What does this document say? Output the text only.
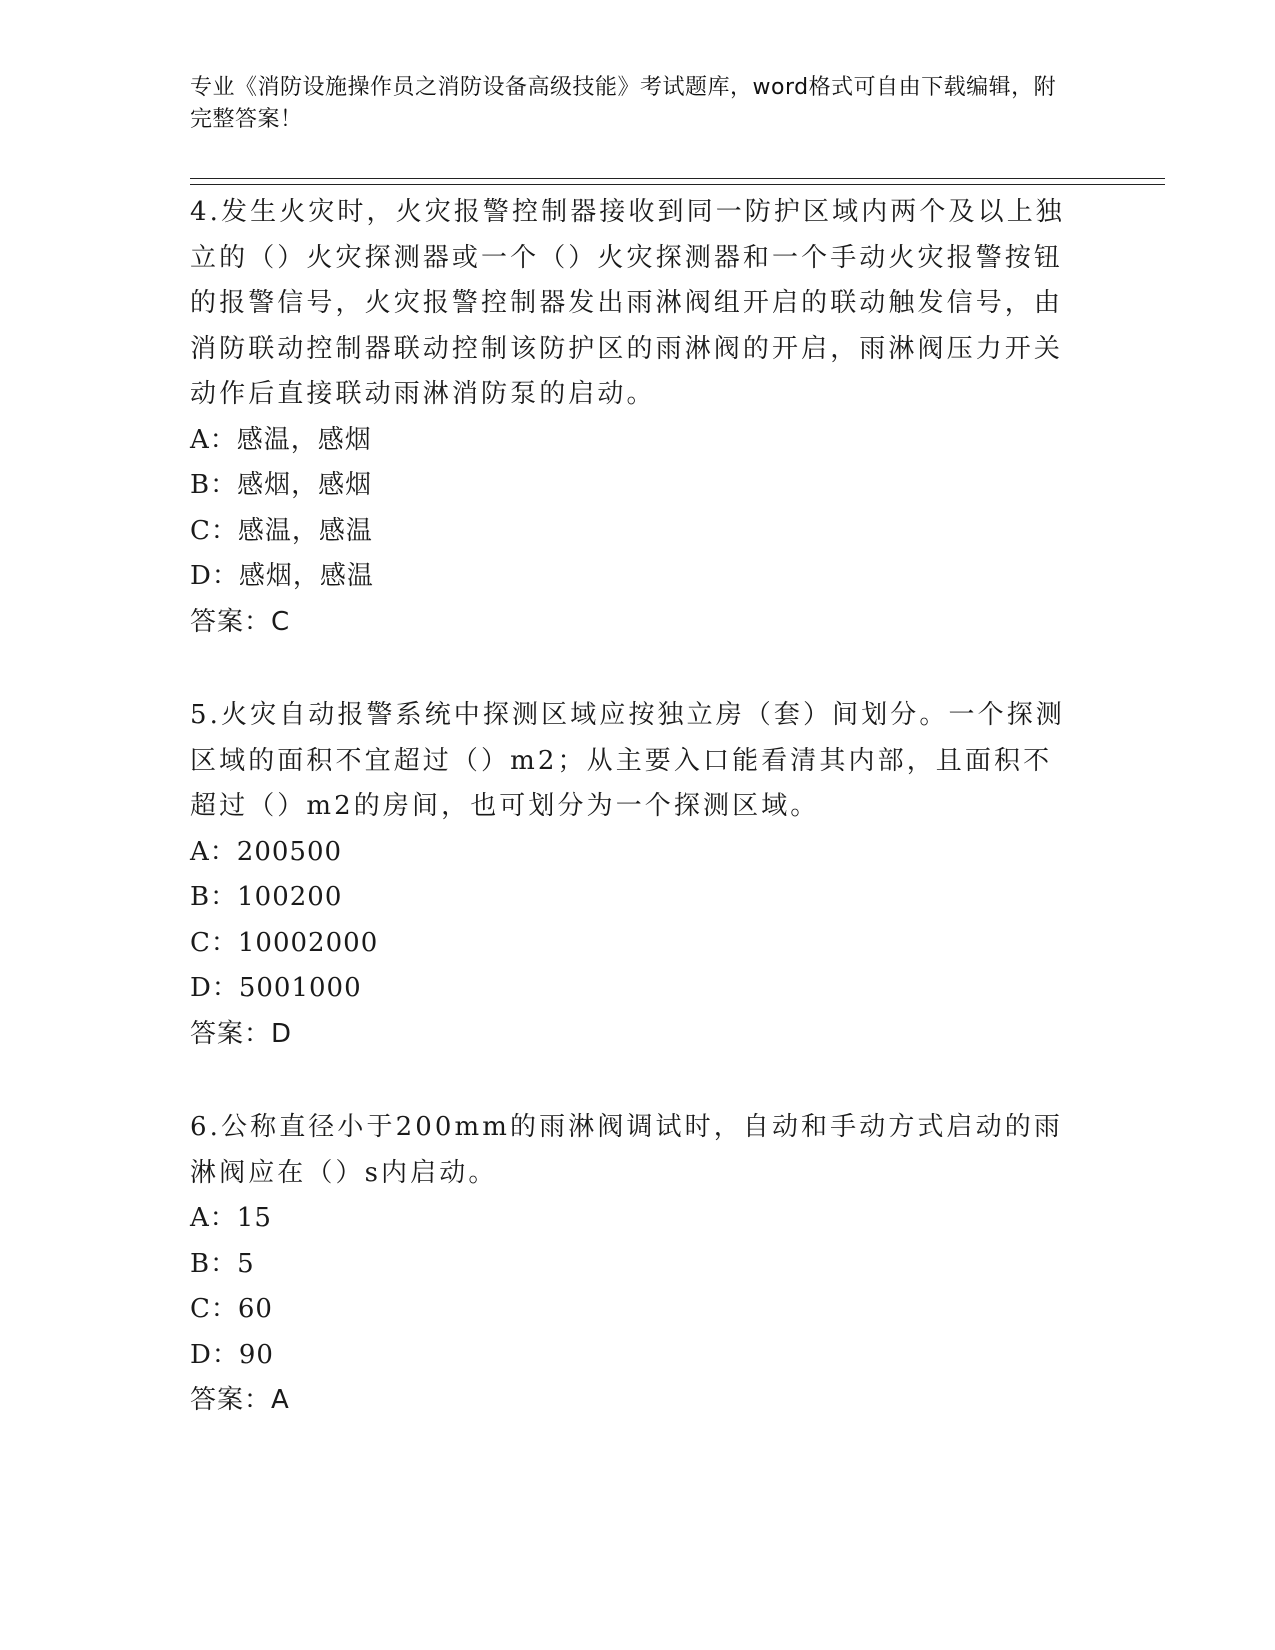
专业《消防设施操作员之消防设备高级技能》考试题库，word格式可自由下载编辑，附完整答案！

4.发生火灾时，火灾报警控制器接收到同一防护区域内两个及以上独立的（）火灾探测器或一个（）火灾探测器和一个手动火灾报警按钮的报警信号，火灾报警控制器发出雨淋阀组开启的联动触发信号，由消防联动控制器联动控制该防护区的雨淋阀的开启，雨淋阀压力开关动作后直接联动雨淋消防泵的启动。

A：感温，感烟

B：感烟，感烟

C：感温，感温

D：感烟，感温

答案：C

5.火灾自动报警系统中探测区域应按独立房（套）间划分。一个探测区域的面积不宜超过（）m2；从主要入口能看清其内部，且面积不超过（）m2的房间，也可划分为一个探测区域。

A：200500

B：100200

C：10002000

D：5001000

答案：D

6.公称直径小于200mm的雨淋阀调试时，自动和手动方式启动的雨淋阀应在（）s内启动。

A：15

B：5

C：60

D：90

答案：A
